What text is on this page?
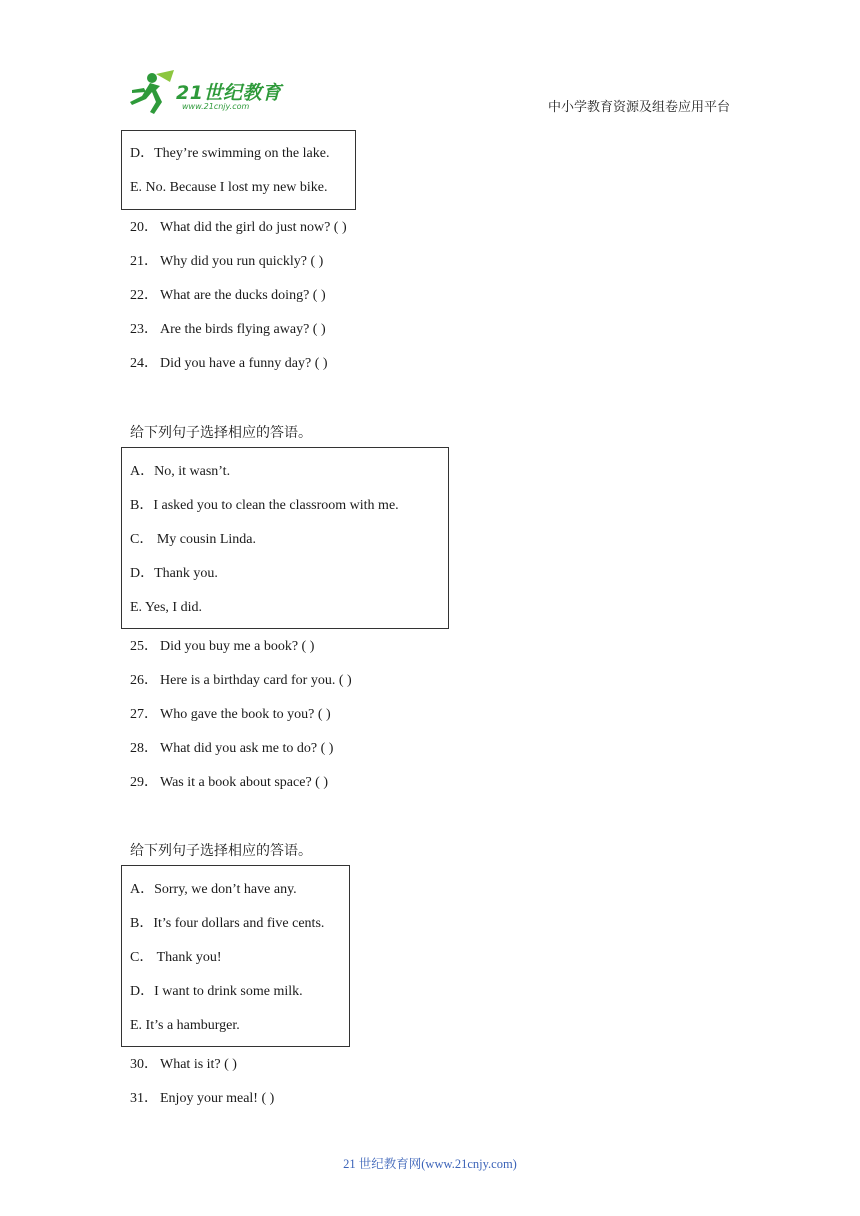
21世纪教育
www.21cnjy.com	中小学教育资源及组卷应用平台
D．They’re swimming on the lake.
E. No. Because I lost my new bike.
20． What did the girl do just now? ( )
21． Why did you run quickly? ( )
22． What are the ducks doing? ( )
23． Are the birds flying away? ( )
24． Did you have a funny day? ( )
给下列句子选择相应的答语。
A．No, it wasn’t.
B．I asked you to clean the classroom with me.
C． My cousin Linda.
D．Thank you.
E. Yes, I did.
25． Did you buy me a book? ( )
26． Here is a birthday card for you. ( )
27． Who gave the book to you? ( )
28． What did you ask me to do? ( )
29． Was it a book about space? ( )
给下列句子选择相应的答语。
A．Sorry, we don’t have any.
B．It’s four dollars and five cents.
C． Thank you!
D．I want to drink some milk.
E. It’s a hamburger.
30． What is it? ( )
31． Enjoy your meal! ( )
21 世纪教育网(www.21cnjy.com)
